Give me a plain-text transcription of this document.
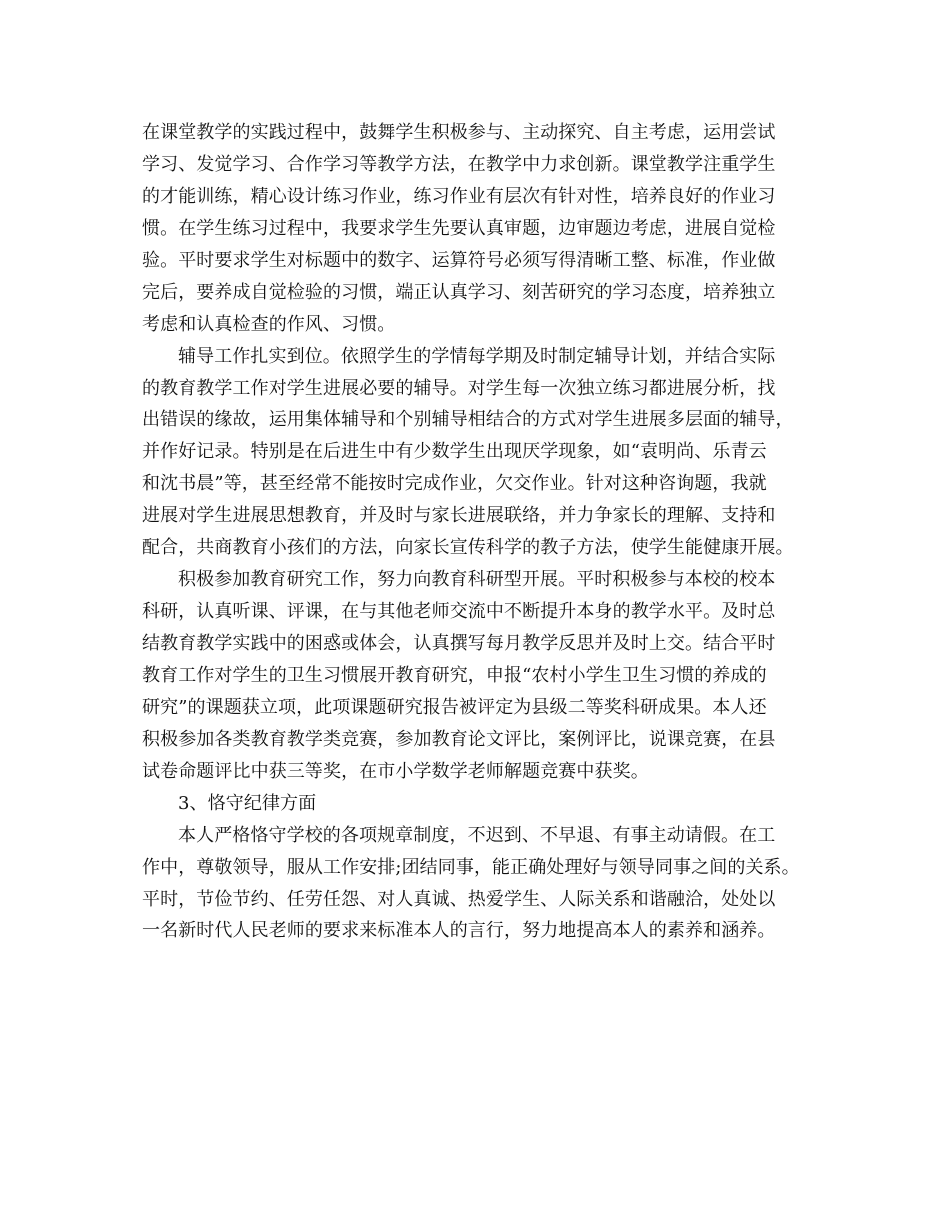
在课堂教学的实践过程中，鼓舞学生积极参与、主动探究、自主考虑，运用尝试
学习、发觉学习、合作学习等教学方法，在教学中力求创新。课堂教学注重学生
的才能训练，精心设计练习作业，练习作业有层次有针对性，培养良好的作业习
惯。在学生练习过程中，我要求学生先要认真审题，边审题边考虑，进展自觉检
验。平时要求学生对标题中的数字、运算符号必须写得清晰工整、标准，作业做
完后，要养成自觉检验的习惯，端正认真学习、刻苦研究的学习态度，培养独立
考虑和认真检查的作风、习惯。
辅导工作扎实到位。依照学生的学情每学期及时制定辅导计划，并结合实际
的教育教学工作对学生进展必要的辅导。对学生每一次独立练习都进展分析，找
出错误的缘故，运用集体辅导和个别辅导相结合的方式对学生进展多层面的辅导，
并作好记录。特别是在后进生中有少数学生出现厌学现象，如“袁明尚、乐青云
和沈书晨”等，甚至经常不能按时完成作业，欠交作业。针对这种咨询题，我就
进展对学生进展思想教育，并及时与家长进展联络，并力争家长的理解、支持和
配合，共商教育小孩们的方法，向家长宣传科学的教子方法，使学生能健康开展。
积极参加教育研究工作，努力向教育科研型开展。平时积极参与本校的校本
科研，认真听课、评课，在与其他老师交流中不断提升本身的教学水平。及时总
结教育教学实践中的困惑或体会，认真撰写每月教学反思并及时上交。结合平时
教育工作对学生的卫生习惯展开教育研究，申报“农村小学生卫生习惯的养成的
研究”的课题获立项，此项课题研究报告被评定为县级二等奖科研成果。本人还
积极参加各类教育教学类竞赛，参加教育论文评比，案例评比，说课竞赛，在县
试卷命题评比中获三等奖，在市小学数学老师解题竞赛中获奖。
3、恪守纪律方面
本人严格恪守学校的各项规章制度，不迟到、不早退、有事主动请假。在工
作中，尊敬领导，服从工作安排;团结同事，能正确处理好与领导同事之间的关系。
平时，节俭节约、任劳任怨、对人真诚、热爱学生、人际关系和谐融洽，处处以
一名新时代人民老师的要求来标准本人的言行，努力地提高本人的素养和涵养。
